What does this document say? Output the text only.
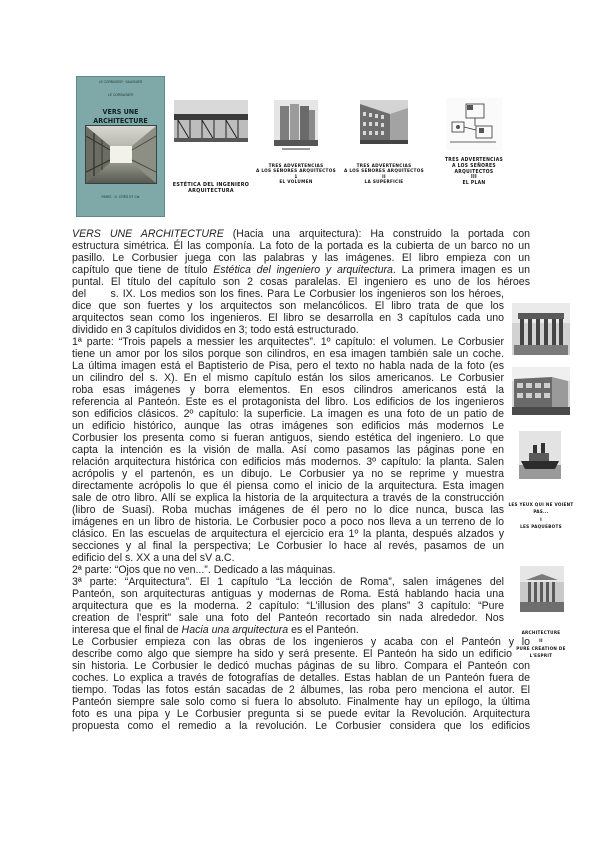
LE CORBUSIER · SAUGNIER
LE CORBUSIER
VERS UNE ARCHITECTURE
PARIS · G. CRÈS ET Cie
ESTÉTICA DEL INGENIERO
ARQUITECTURA
TRES ADVERTENCIAS
A LOS SEÑORES ARQUITECTOS
1
EL VOLUMEN
TRES ADVERTENCIAS
A LOS SEÑORES ARQUITECTOS
II
LA SUPERFICIE
TRES ADVERTENCIAS
A LOS SEÑORES ARQUITECTOS
III
EL PLAN
LES YEUX QUI NE VOIENT PAS...
I
LES PAQUEBOTS
ARCHITECTURE
II
PURE CRÉATION DE L'ESPRIT
VERS UNE ARCHITECTURE (Hacia una arquitectura): Ha construido la portada con
estructura simétrica. Él las componía. La foto de la portada es la cubierta de un barco no un
pasillo. Le Corbusier juega con las palabras y las imágenes. El libro empieza con un
capítulo que tiene de título Estética del ingeniero y arquitectura. La primera imagen es un
puntal. El título del capítulo son 2 cosas paralelas. El ingeniero es uno de los héroes
del      s. IX. Los medios son los fines. Para Le Corbusier los ingenieros son los héroes,
dice que son fuertes y los arquitectos son melancólicos. El libro trata de que los
arquitectos sean como los ingenieros. El libro se desarrolla en 3 capítulos cada uno
dividido en 3 capítulos divididos en 3; todo está estructurado.
1ª parte: “Trois papels a messier les arquitectes”. 1º capítulo: el volumen. Le Corbusier
tiene un amor por los silos porque son cilindros, en esa imagen también sale un coche.
La última imagen está el Baptisterio de Pisa, pero el texto no habla nada de la foto (es
un cilindro del s. X). En el mismo capítulo están los silos americanos. Le Corbusier
roba esas imágenes y borra elementos. En esos cilindros americanos está la
referencia al Panteón. Este es el protagonista del libro. Los edificios de los ingenieros
son edificios clásicos. 2º capítulo: la superficie. La imagen es una foto de un patio de
un edificio histórico, aunque las otras imágenes son edificios más modernos Le
Corbusier los presenta como si fueran antiguos, siendo estética del ingeniero. Lo que
capta la intención es la visión de malla. Así como pasamos las páginas pone en
relación arquitectura histórica con edificios más modernos. 3º capítulo: la planta. Salen
acrópolis y el partenón, es un dibujo. Le Corbusier ya no se reprime y muestra
directamente acrópolis lo que él piensa como el inicio de la arquitectura. Esta imagen
sale de otro libro. Allí se explica la historia de la arquitectura a través de la construcción
(libro de Suasi). Roba muchas imágenes de él pero no lo dice nunca, busca las
imágenes en un libro de historia. Le Corbusier poco a poco nos lleva a un terreno de lo
clásico. En las escuelas de arquitectura el ejercicio era 1º la planta, después alzados y
secciones y al final la perspectiva; Le Corbusier lo hace al revés, pasamos de un
edificio del s. XX a una del sV a.C.
2ª parte: “Ojos que no ven...”. Dedicado a las máquinas.
3ª parte: “Arquitectura”. El 1 capítulo “La lección de Roma”, salen imágenes del
Panteón, son arquitecturas antiguas y modernas de Roma. Está hablando hacia una
arquitectura que es la moderna. 2 capítulo: “L’illusion des plans” 3 capítulo: “Pure
creation de l’esprit” sale una foto del Panteón recortado sin nada alrededor. Nos
interesa que el final de Hacia una arquitectura es el Panteón.
Le Corbusier empieza con las obras de los ingenieros y acaba con el Panteón y lo
describe como algo que siempre ha sido y será presente. El Panteón ha sido un edificio
sin historia. Le Corbusier le dedicó muchas páginas de su libro. Compara el Panteón con
coches. Lo explica a través de fotografías de detalles. Estas hablan de un Panteón fuera de
tiempo. Todas las fotos están sacadas de 2 álbumes, las roba pero menciona el autor. El
Panteón siempre sale solo como si fuera lo absoluto. Finalmente hay un epílogo, la última
foto es una pipa y Le Corbusier pregunta si se puede evitar la Revolución. Arquitectura
propuesta como el remedio a la revolución. Le Corbusier considera que los edificios
